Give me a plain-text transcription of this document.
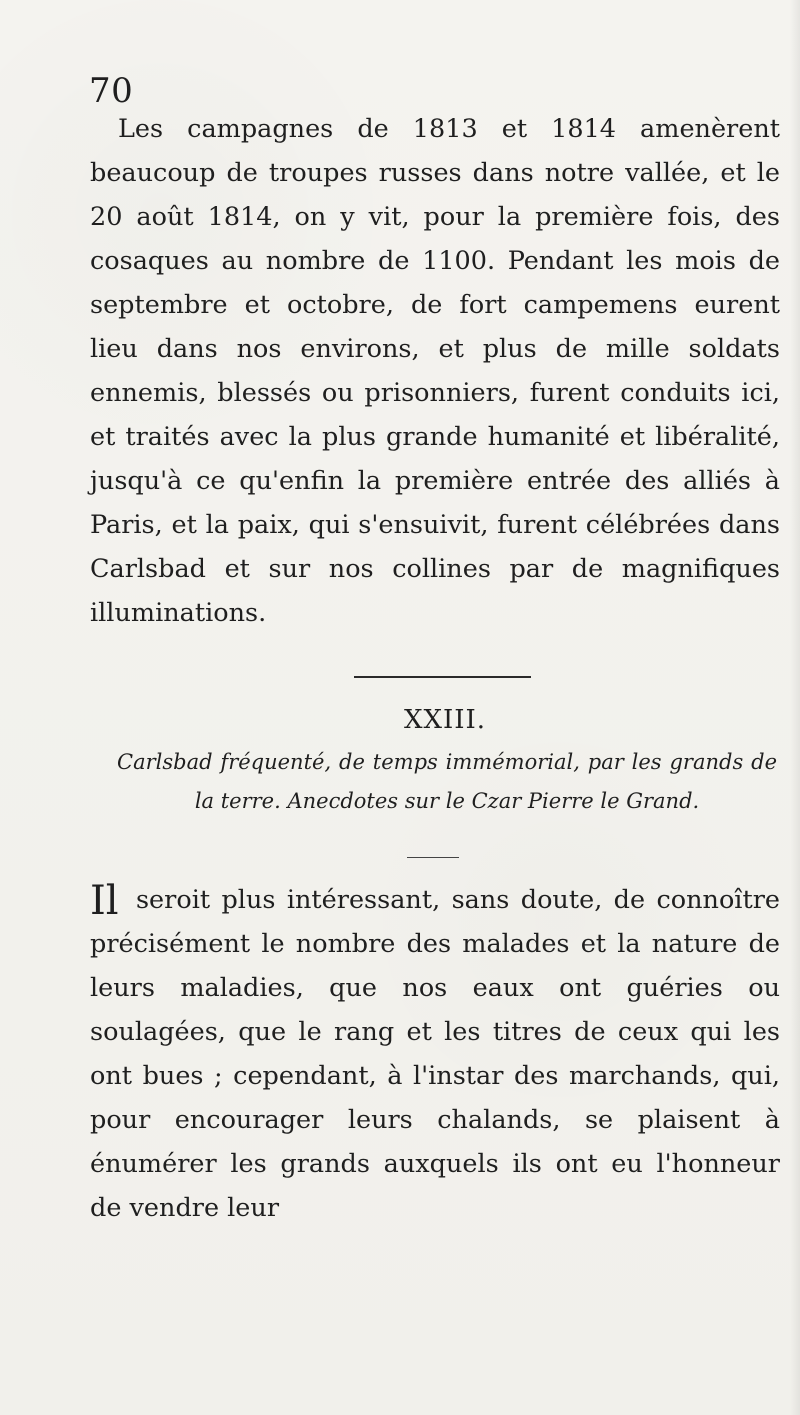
70
Les campagnes de 1813 et 1814 amenèrent beaucoup de troupes russes dans notre vallée, et le 20 août 1814, on y vit, pour la première fois, des cosaques au nombre de 1100. Pendant les mois de septembre et octobre, de fort campemens eurent lieu dans nos environs, et plus de mille soldats ennemis, blessés ou prisonniers, furent conduits ici, et traités avec la plus grande humanité et libéralité, jusqu'à ce qu'enfin la première entrée des alliés à Paris, et la paix, qui s'ensuivit, furent célébrées dans Carlsbad et sur nos collines par de magnifiques illuminations.
XXIII.
Carlsbad fréquenté, de temps immémorial, par les grands de la terre. Anecdotes sur le Czar Pierre le Grand.
Il seroit plus intéressant, sans doute, de connoître précisément le nombre des malades et la nature de leurs maladies, que nos eaux ont guéries ou soulagées, que le rang et les titres de ceux qui les ont bues ; cependant, à l'instar des marchands, qui, pour encourager leurs chalands, se plaisent à énumérer les grands auxquels ils ont eu l'honneur de vendre leur
